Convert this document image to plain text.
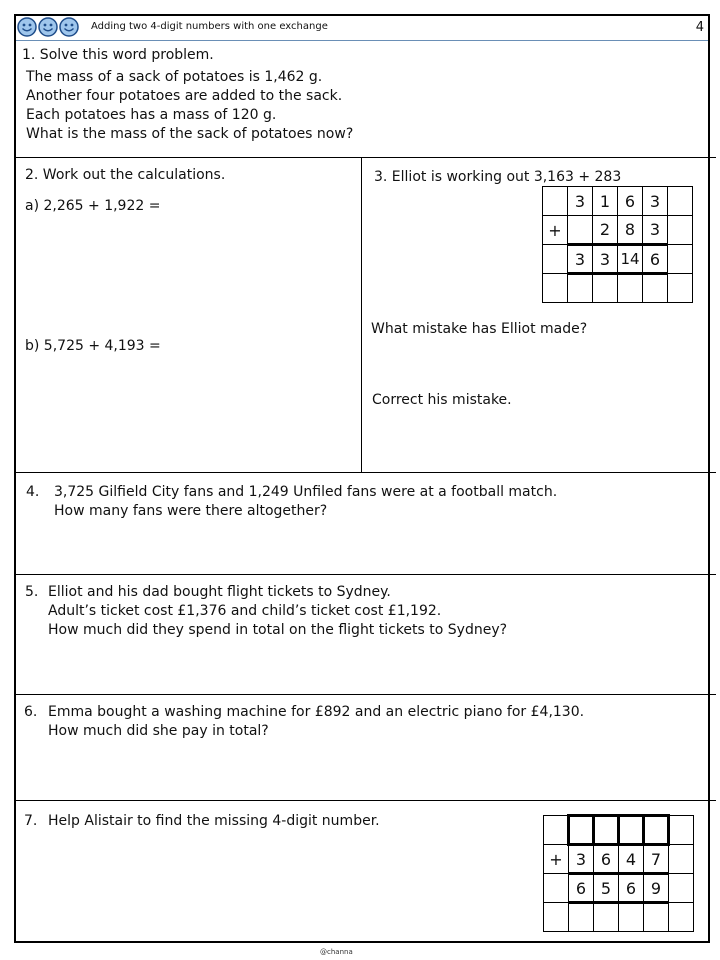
Adding two 4-digit numbers with one exchange	4
1. Solve this word problem.
The mass of a sack of potatoes is 1,462 g.
Another four potatoes are added to the sack.
Each potatoes has a mass of 120 g.
What is the mass of the sack of potatoes now?
2. Work out the calculations.
a) 2,265 + 1,922 =
b) 5,725 + 4,193 =
3. Elliot is working out 3,163 + 283
	3	1	6	3	
+		2	8	3	
	3	3	14	6	

What mistake has Elliot made?
Correct his mistake.
4. 3,725 Gilfield City fans and 1,249 Unfiled fans were at a football match.
How many fans were there altogether?
5. Elliot and his dad bought flight tickets to Sydney.
Adult’s ticket cost £1,376 and child’s ticket cost £1,192.
How much did they spend in total on the flight tickets to Sydney?
6. Emma bought a washing machine for £892 and an electric piano for £4,130.
How much did she pay in total?
7. Help Alistair to find the missing 4-digit number.

+	3	6	4	7	
	6	5	6	9	

@channa
